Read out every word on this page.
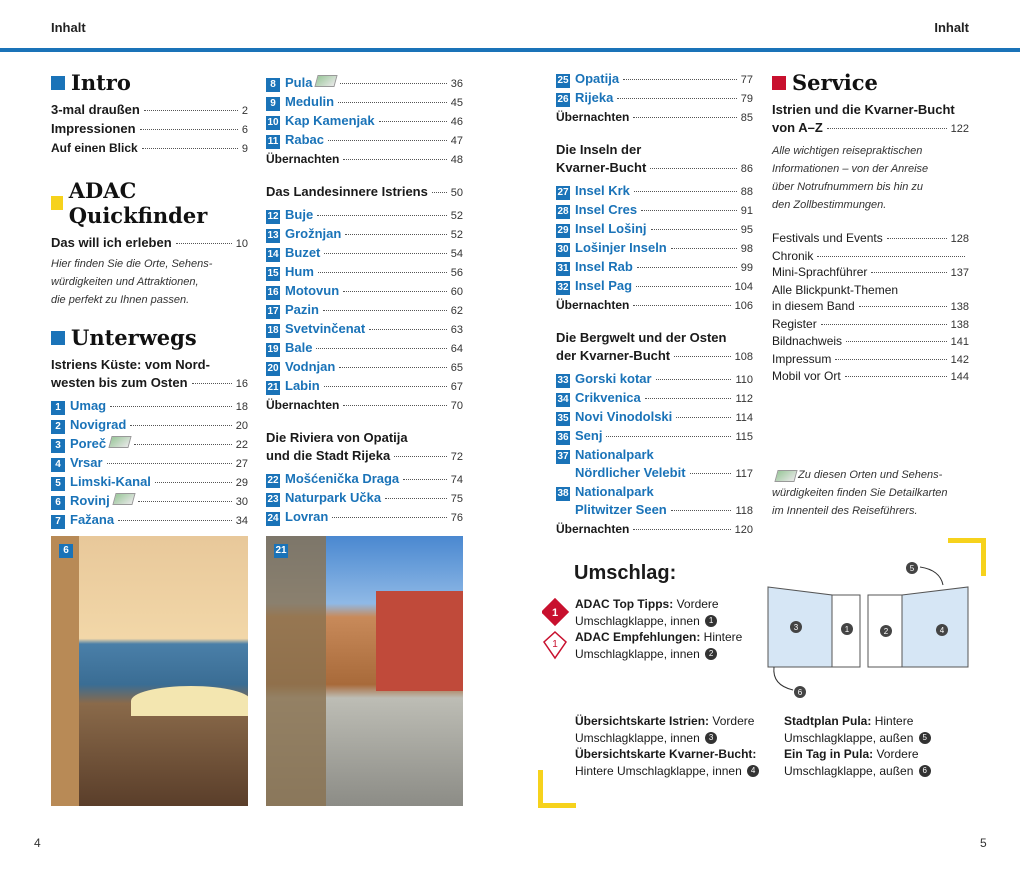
Inhalt	Inhalt
Intro
3-mal draußen	2
Impressionen	6
Auf einen Blick	9
ADAC Quickfinder
Das will ich erleben	10
Hier finden Sie die Orte, Sehens-
würdigkeiten und Attraktionen,
die perfekt zu Ihnen passen.
Unterwegs
Istriens Küste: vom Nord-
westen bis zum Osten	16
1 Umag	18
2 Novigrad	20
3 Poreč	22
4 Vrsar	27
5 Limski-Kanal	29
6 Rovinj	30
7 Fažana	34
8 Pula	36
9 Medulin	45
10 Kap Kamenjak	46
11 Rabac	47
Übernachten	48
Das Landesinnere Istriens 50
12 Buje	52
13 Grožnjan	52
14 Buzet	54
15 Hum	56
16 Motovun	60
17 Pazin	62
18 Svetvinčenat	63
19 Bale	64
20 Vodnjan	65
21 Labin	67
Übernachten	70
Die Riviera von Opatija
und die Stadt Rijeka	72
22 Mošćenička Draga	74
23 Naturpark Učka	75
24 Lovran	76
25 Opatija	77
26 Rijeka	79
Übernachten	85
Die Inseln der
Kvarner-Bucht	86
27 Insel Krk	88
28 Insel Cres	91
29 Insel Lošinj	95
30 Lošinjer Inseln	98
31 Insel Rab	99
32 Insel Pag	104
Übernachten	106
Die Bergwelt und der Osten
der Kvarner-Bucht	108
33 Gorski kotar	110
34 Crikvenica	112
35 Novi Vinodolski	114
36 Senj	115
37 Nationalpark
Nördlicher Velebit	117
38 Nationalpark
Plitwitzer Seen	118
Übernachten	120
Service
Istrien und die Kvarner-Bucht
von A–Z	122
Alle wichtigen reisepraktischen
Informationen – von der Anreise
über Notrufnummern bis hin zu
den Zollbestimmungen.
Festivals und Events	128
Chronik
Mini-Sprachführer	137
Alle Blickpunkt-Themen
in diesem Band	138
Register	138
Bildnachweis	141
Impressum	142
Mobil vor Ort	144
Zu diesen Orten und Sehens-
würdigkeiten finden Sie Detailkarten
im Innenteil des Reiseführers.
6	21
Umschlag:
1
1
ADAC Top Tipps: Vordere
Umschlagklappe, innen 1
ADAC Empfehlungen: Hintere
Umschlagklappe, innen 2
Übersichtskarte Istrien: Vordere
Umschlagklappe, innen 3
Übersichtskarte Kvarner-Bucht:
Hintere Umschlagklappe, innen 4
Stadtplan Pula: Hintere
Umschlagklappe, außen 5
Ein Tag in Pula: Vordere
Umschlagklappe, außen 6
3	1	2	4
5
6
4	5
